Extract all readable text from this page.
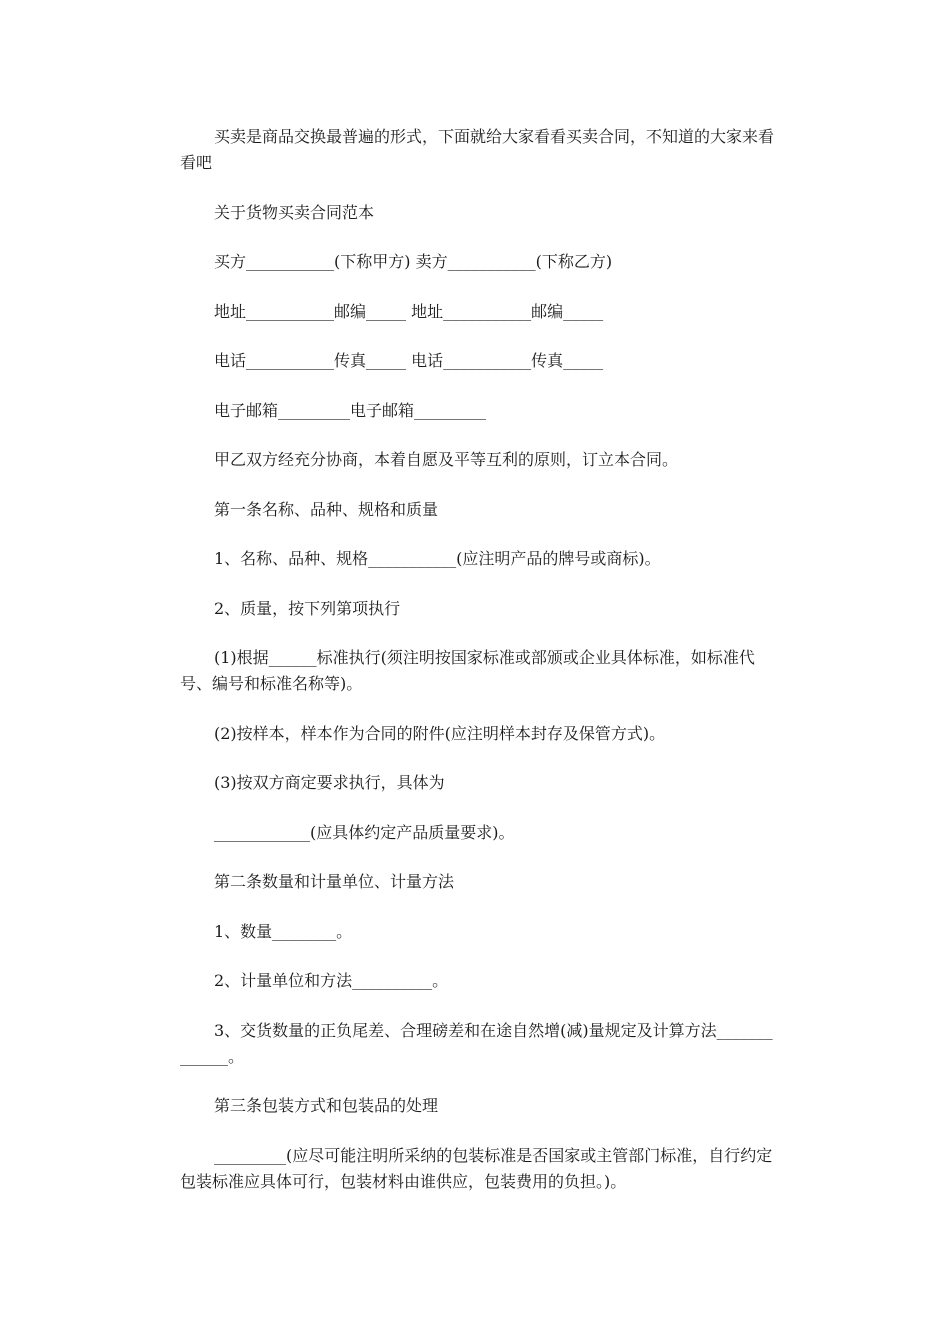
买卖是商品交换最普遍的形式，下面就给大家看看买卖合同，不知道的大家来看看吧

关于货物买卖合同范本

买方___________(下称甲方) 卖方___________(下称乙方)

地址___________邮编_____ 地址___________邮编_____

电话___________传真_____ 电话___________传真_____

电子邮箱_________电子邮箱_________

甲乙双方经充分协商，本着自愿及平等互利的原则，订立本合同。

第一条名称、品种、规格和质量

1、名称、品种、规格___________(应注明产品的牌号或商标)。

2、质量，按下列第项执行

(1)根据______标准执行(须注明按国家标准或部颁或企业具体标准，如标准代号、编号和标准名称等)。

(2)按样本，样本作为合同的附件(应注明样本封存及保管方式)。

(3)按双方商定要求执行，具体为

____________(应具体约定产品质量要求)。

第二条数量和计量单位、计量方法

1、数量________。

2、计量单位和方法__________。

3、交货数量的正负尾差、合理磅差和在途自然增(减)量规定及计算方法_____________。

第三条包装方式和包装品的处理

_________(应尽可能注明所采纳的包装标准是否国家或主管部门标准，自行约定包装标准应具体可行，包装材料由谁供应，包装费用的负担。)。
